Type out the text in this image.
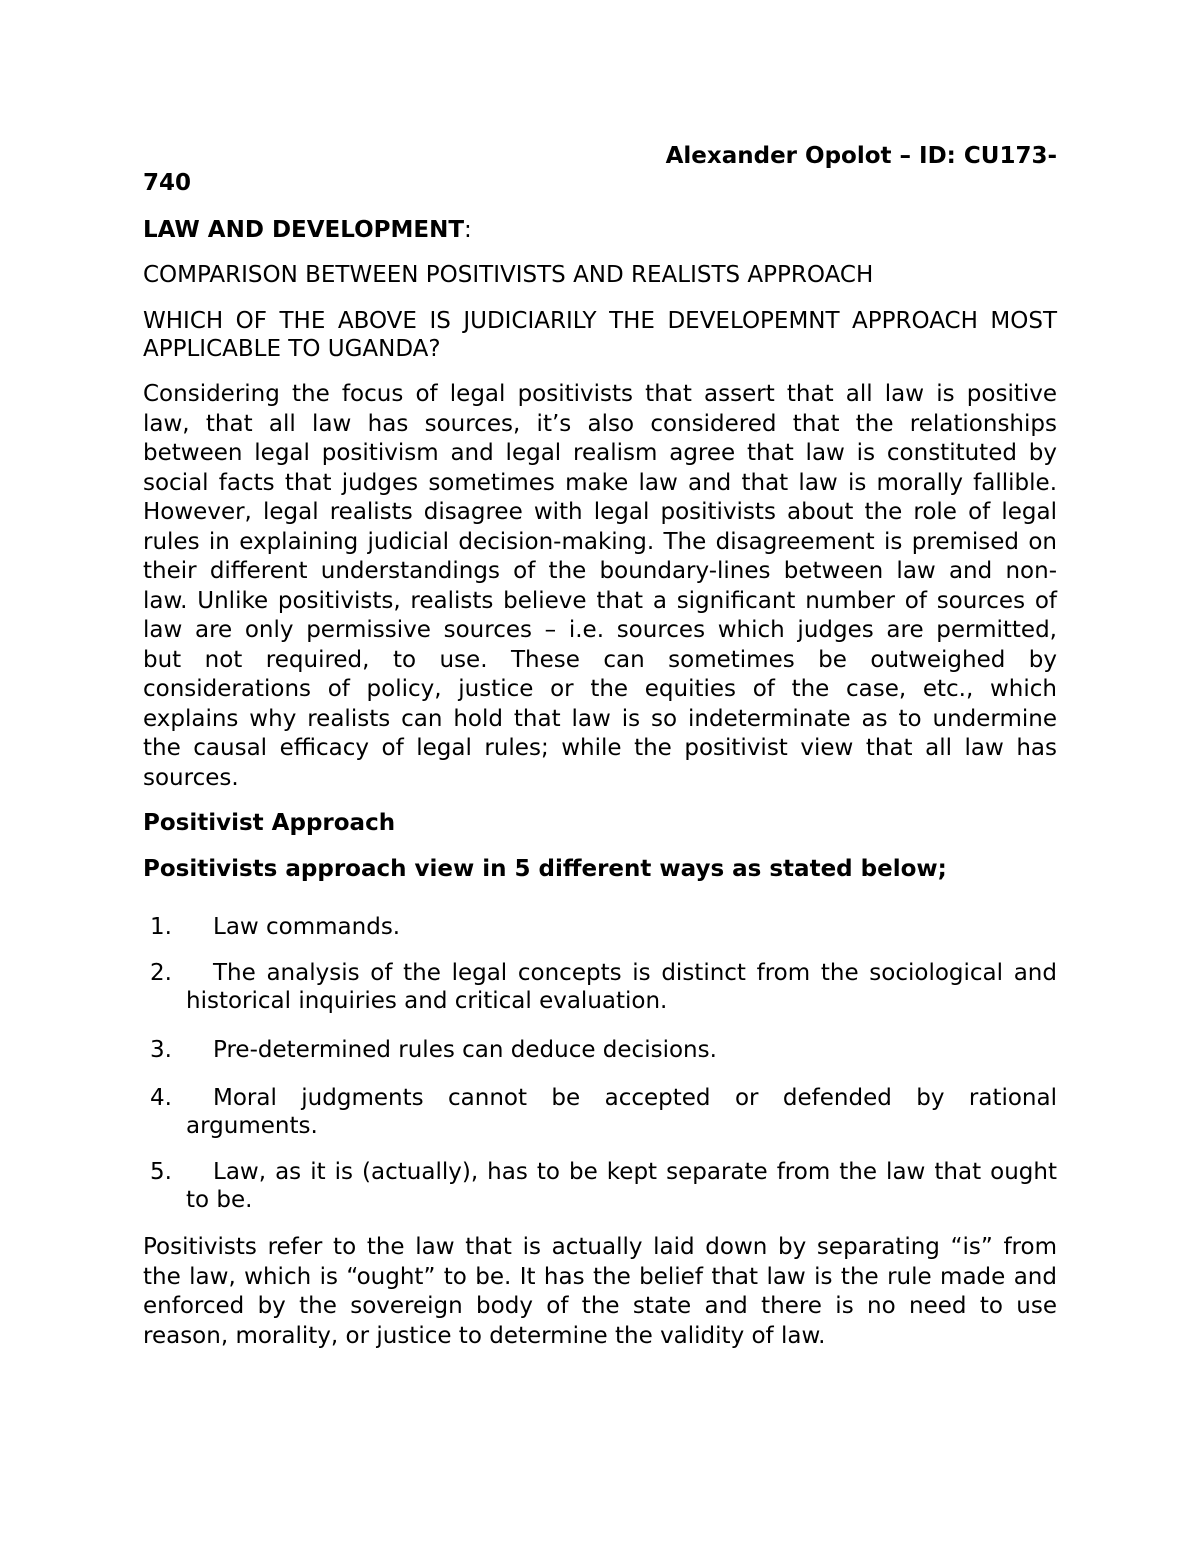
Alexander Opolot – ID: CU173-
740
LAW AND DEVELOPMENT:
COMPARISON BETWEEN POSITIVISTS AND REALISTS APPROACH
WHICH OF THE ABOVE IS JUDICIARILY THE DEVELOPEMNT APPROACH MOST
APPLICABLE TO UGANDA?
Considering the focus of legal positivists that assert that all law is positive
law, that all law has sources, it’s also considered that the relationships
between legal positivism and legal realism agree that law is constituted by
social facts that judges sometimes make law and that law is morally fallible.
However, legal realists disagree with legal positivists about the role of legal
rules in explaining judicial decision-making. The disagreement is premised on
their different understandings of the boundary-lines between law and non-
law. Unlike positivists, realists believe that a significant number of sources of
law are only permissive sources – i.e. sources which judges are permitted,
but not required, to use. These can sometimes be outweighed by
considerations of policy, justice or the equities of the case, etc., which
explains why realists can hold that law is so indeterminate as to undermine
the causal efficacy of legal rules; while the positivist view that all law has
sources.
Positivist Approach
Positivists approach view in 5 different ways as stated below;
1.	Law commands.
2.	The analysis of the legal concepts is distinct from the sociological and
historical inquiries and critical evaluation.
3.	Pre-determined rules can deduce decisions.
4.	Moral judgments cannot be accepted or defended by rational
arguments.
5.	Law, as it is (actually), has to be kept separate from the law that ought
to be.
Positivists refer to the law that is actually laid down by separating “is” from
the law, which is “ought” to be. It has the belief that law is the rule made and
enforced by the sovereign body of the state and there is no need to use
reason, morality, or justice to determine the validity of law.
